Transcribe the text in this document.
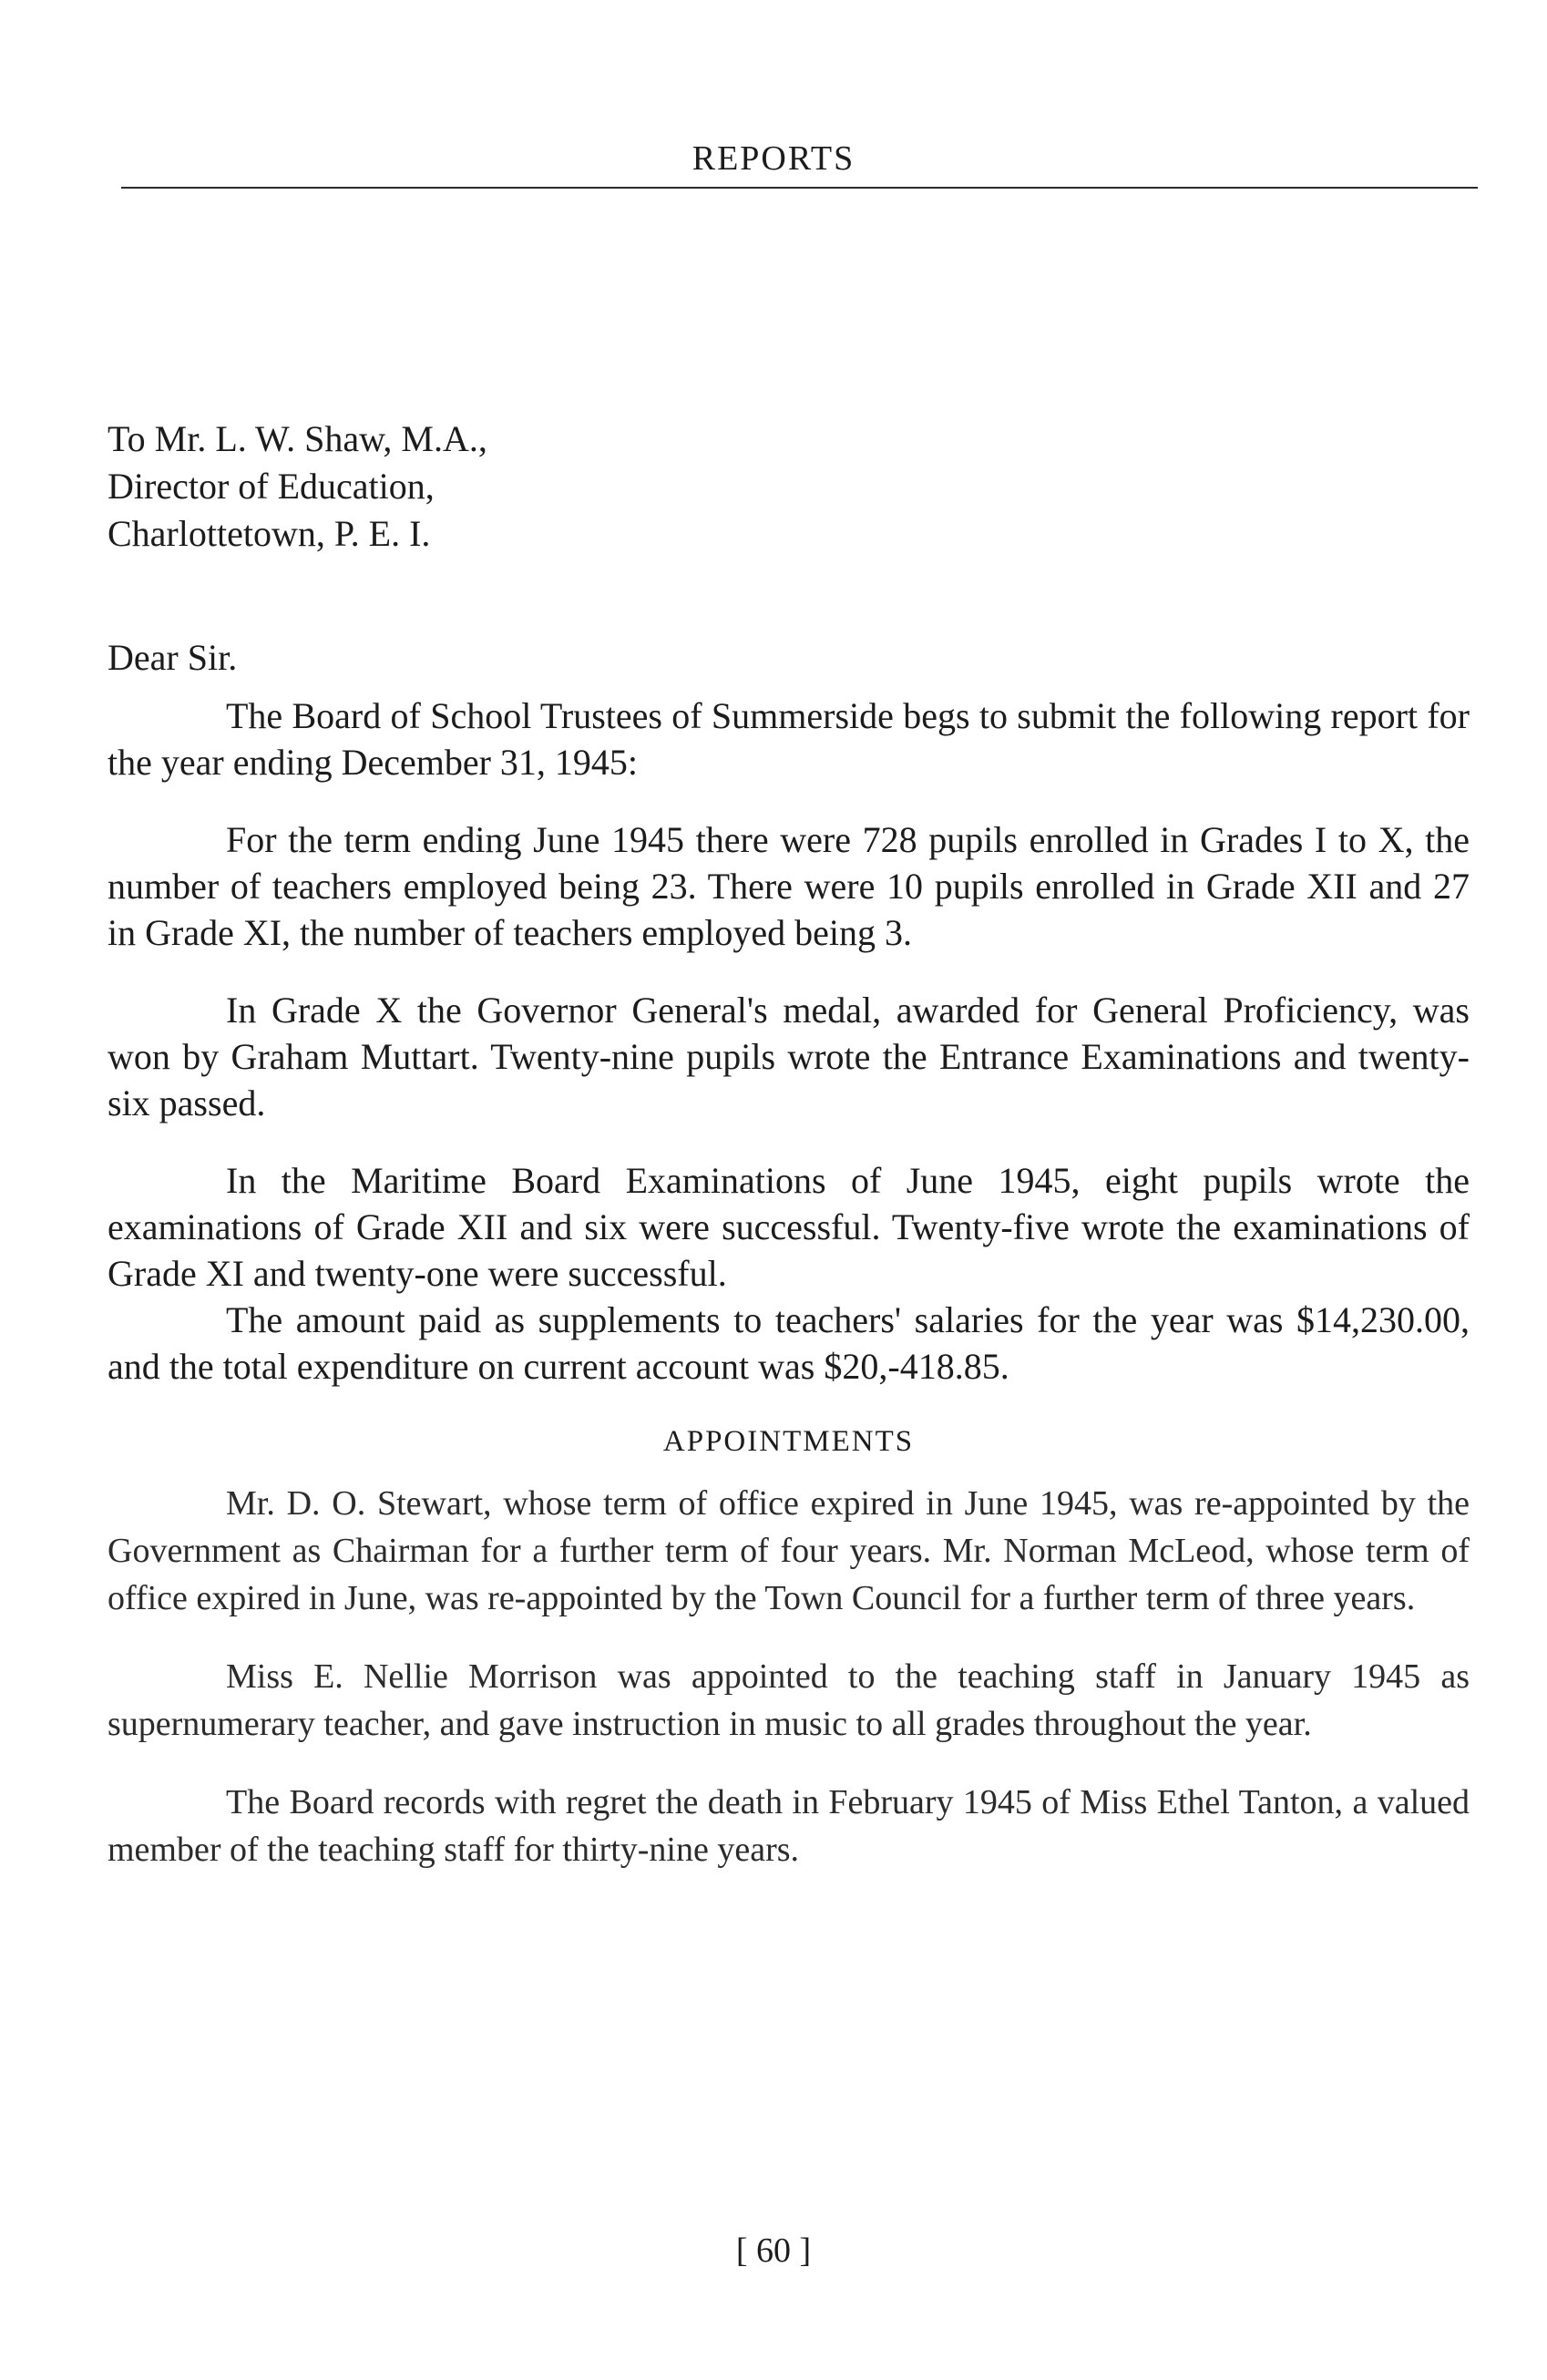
REPORTS
To Mr. L. W. Shaw, M.A.,
Director of Education,
Charlottetown, P. E. I.
Dear Sir.

The Board of School Trustees of Summerside begs to submit the following report for the year ending December 31, 1945:

For the term ending June 1945 there were 728 pupils enrolled in Grades I to X, the number of teachers employed being 23. There were 10 pupils enrolled in Grade XII and 27 in Grade XI, the number of teachers employed being 3.

In Grade X the Governor General's medal, awarded for General Proficiency, was won by Graham Muttart. Twenty-nine pupils wrote the Entrance Examinations and twenty-six passed.

In the Maritime Board Examinations of June 1945, eight pupils wrote the examinations of Grade XII and six were successful. Twenty-five wrote the examinations of Grade XI and twenty-one were successful.

The amount paid as supplements to teachers' salaries for the year was $14,230.00, and the total expenditure on current account was $20,-418.85.

APPOINTMENTS

Mr. D. O. Stewart, whose term of office expired in June 1945, was re-appointed by the Government as Chairman for a further term of four years. Mr. Norman McLeod, whose term of office expired in June, was re-appointed by the Town Council for a further term of three years.

Miss E. Nellie Morrison was appointed to the teaching staff in January 1945 as supernumerary teacher, and gave instruction in music to all grades throughout the year.

The Board records with regret the death in February 1945 of Miss Ethel Tanton, a valued member of the teaching staff for thirty-nine years.

[ 60 ]
